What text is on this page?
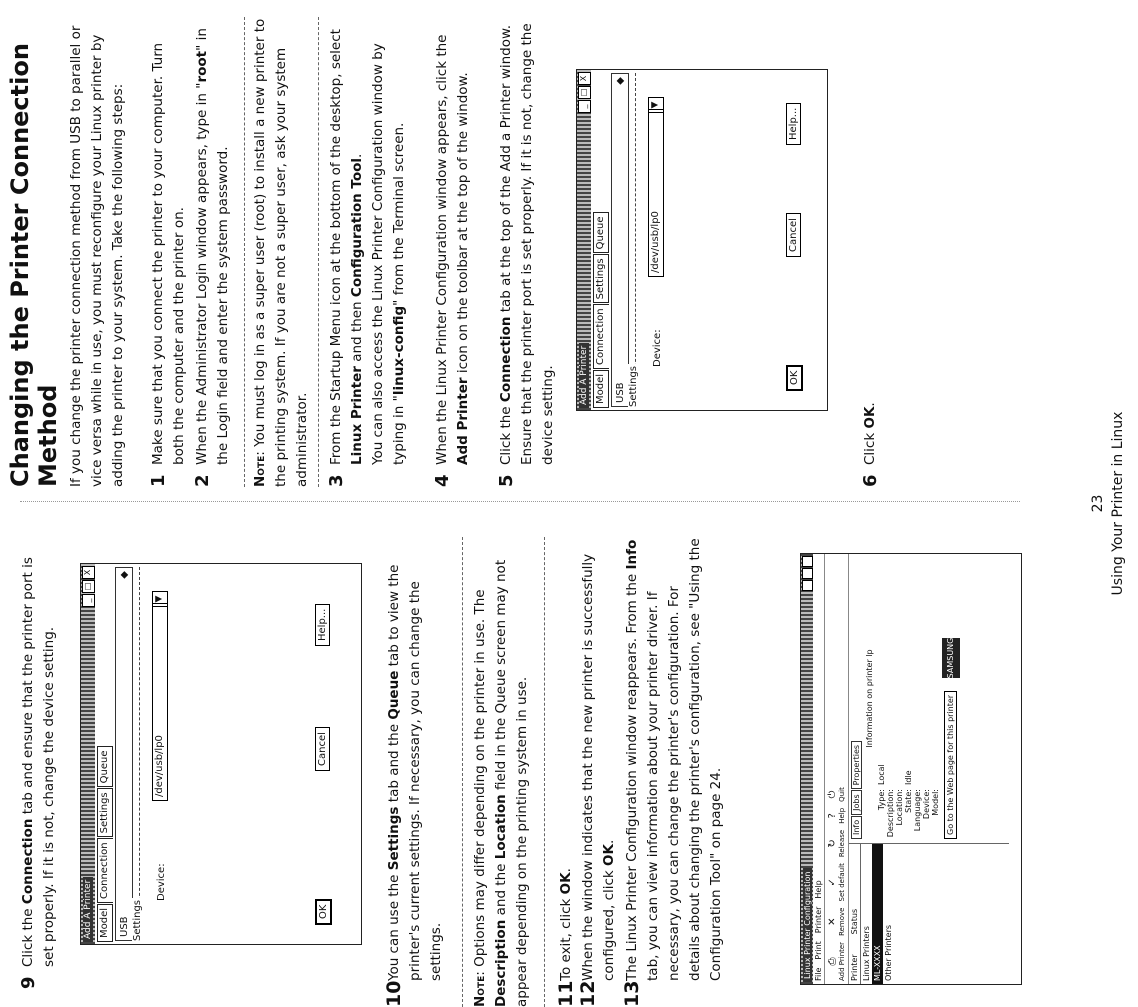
9
Click the Connection tab and ensure that the printer port is set properly. If it is not, change the device setting.	Add A Printer
_
□
X
Model
Connection
Settings
Queue
USB
◆
Settings
Device:
/dev/usb/lp0
▼
OK
Cancel
Help...
10
You can use the Settings tab and the Queue tab to view the printer's current settings. If necessary, you can change the settings.
Note: Options may differ depending on the printer in use. The Description and the Location field in the Queue screen may not appear depending on the printing system in use. 11
To exit, click OK.
12
When the window indicates that the new printer is successfully configured, click OK.
13
The Linux Printer Configuration window reappears. From the Info tab, you can view information about your printer driver. If necessary, you can change the printer's configuration. For details about changing the printer's configuration, see "Using the Configuration Tool" on page 24.	Linux Printer Configuration File
Print
Printer
Help
⎙ Add Printer
✕ Remove
✓ Set default
↻ Release
? Help
⏻ Quit
Printer
Status
Linux Printers ML-XXXX Other Printers
Info
Jobs
Properties
Information on printer lp
Type:
Local
Description: Location: State:
Idle
Language: Device: Model: Go to the Web page for this printer SAMSUNG
Changing the Printer Connection Method If you change the printer connection method from USB to parallel or vice versa while in use, you must reconfigure your Linux printer by adding the printer to your system. Take the following steps: 1
Make sure that you connect the printer to your computer. Turn both the computer and the printer on.
2
When the Administrator Login window appears, type in "root" in the Login field and enter the system password.
Note: You must log in as a super user (root) to install a new printer to the printing system. If you are not a super user, ask your system administrator. 3
From the Startup Menu icon at the bottom of the desktop, select Linux Printer and then Configuration Tool. You can also access the Linux Printer Configuration window by typing in "linux-config" from the Terminal screen.
4
When the Linux Printer Configuration window appears, click the Add Printer icon on the toolbar at the top of the window.
5
Click the Connection tab at the top of the Add a Printer window. Ensure that the printer port is set properly. If it is not, change the device setting.	Add A Printer
_
□
X
Model
Connection
Settings
Queue
USB
◆
Settings
Device:
/dev/usb/lp0
▼
OK
Cancel
Help...
6
Click OK.
23 Using Your Printer in Linux
